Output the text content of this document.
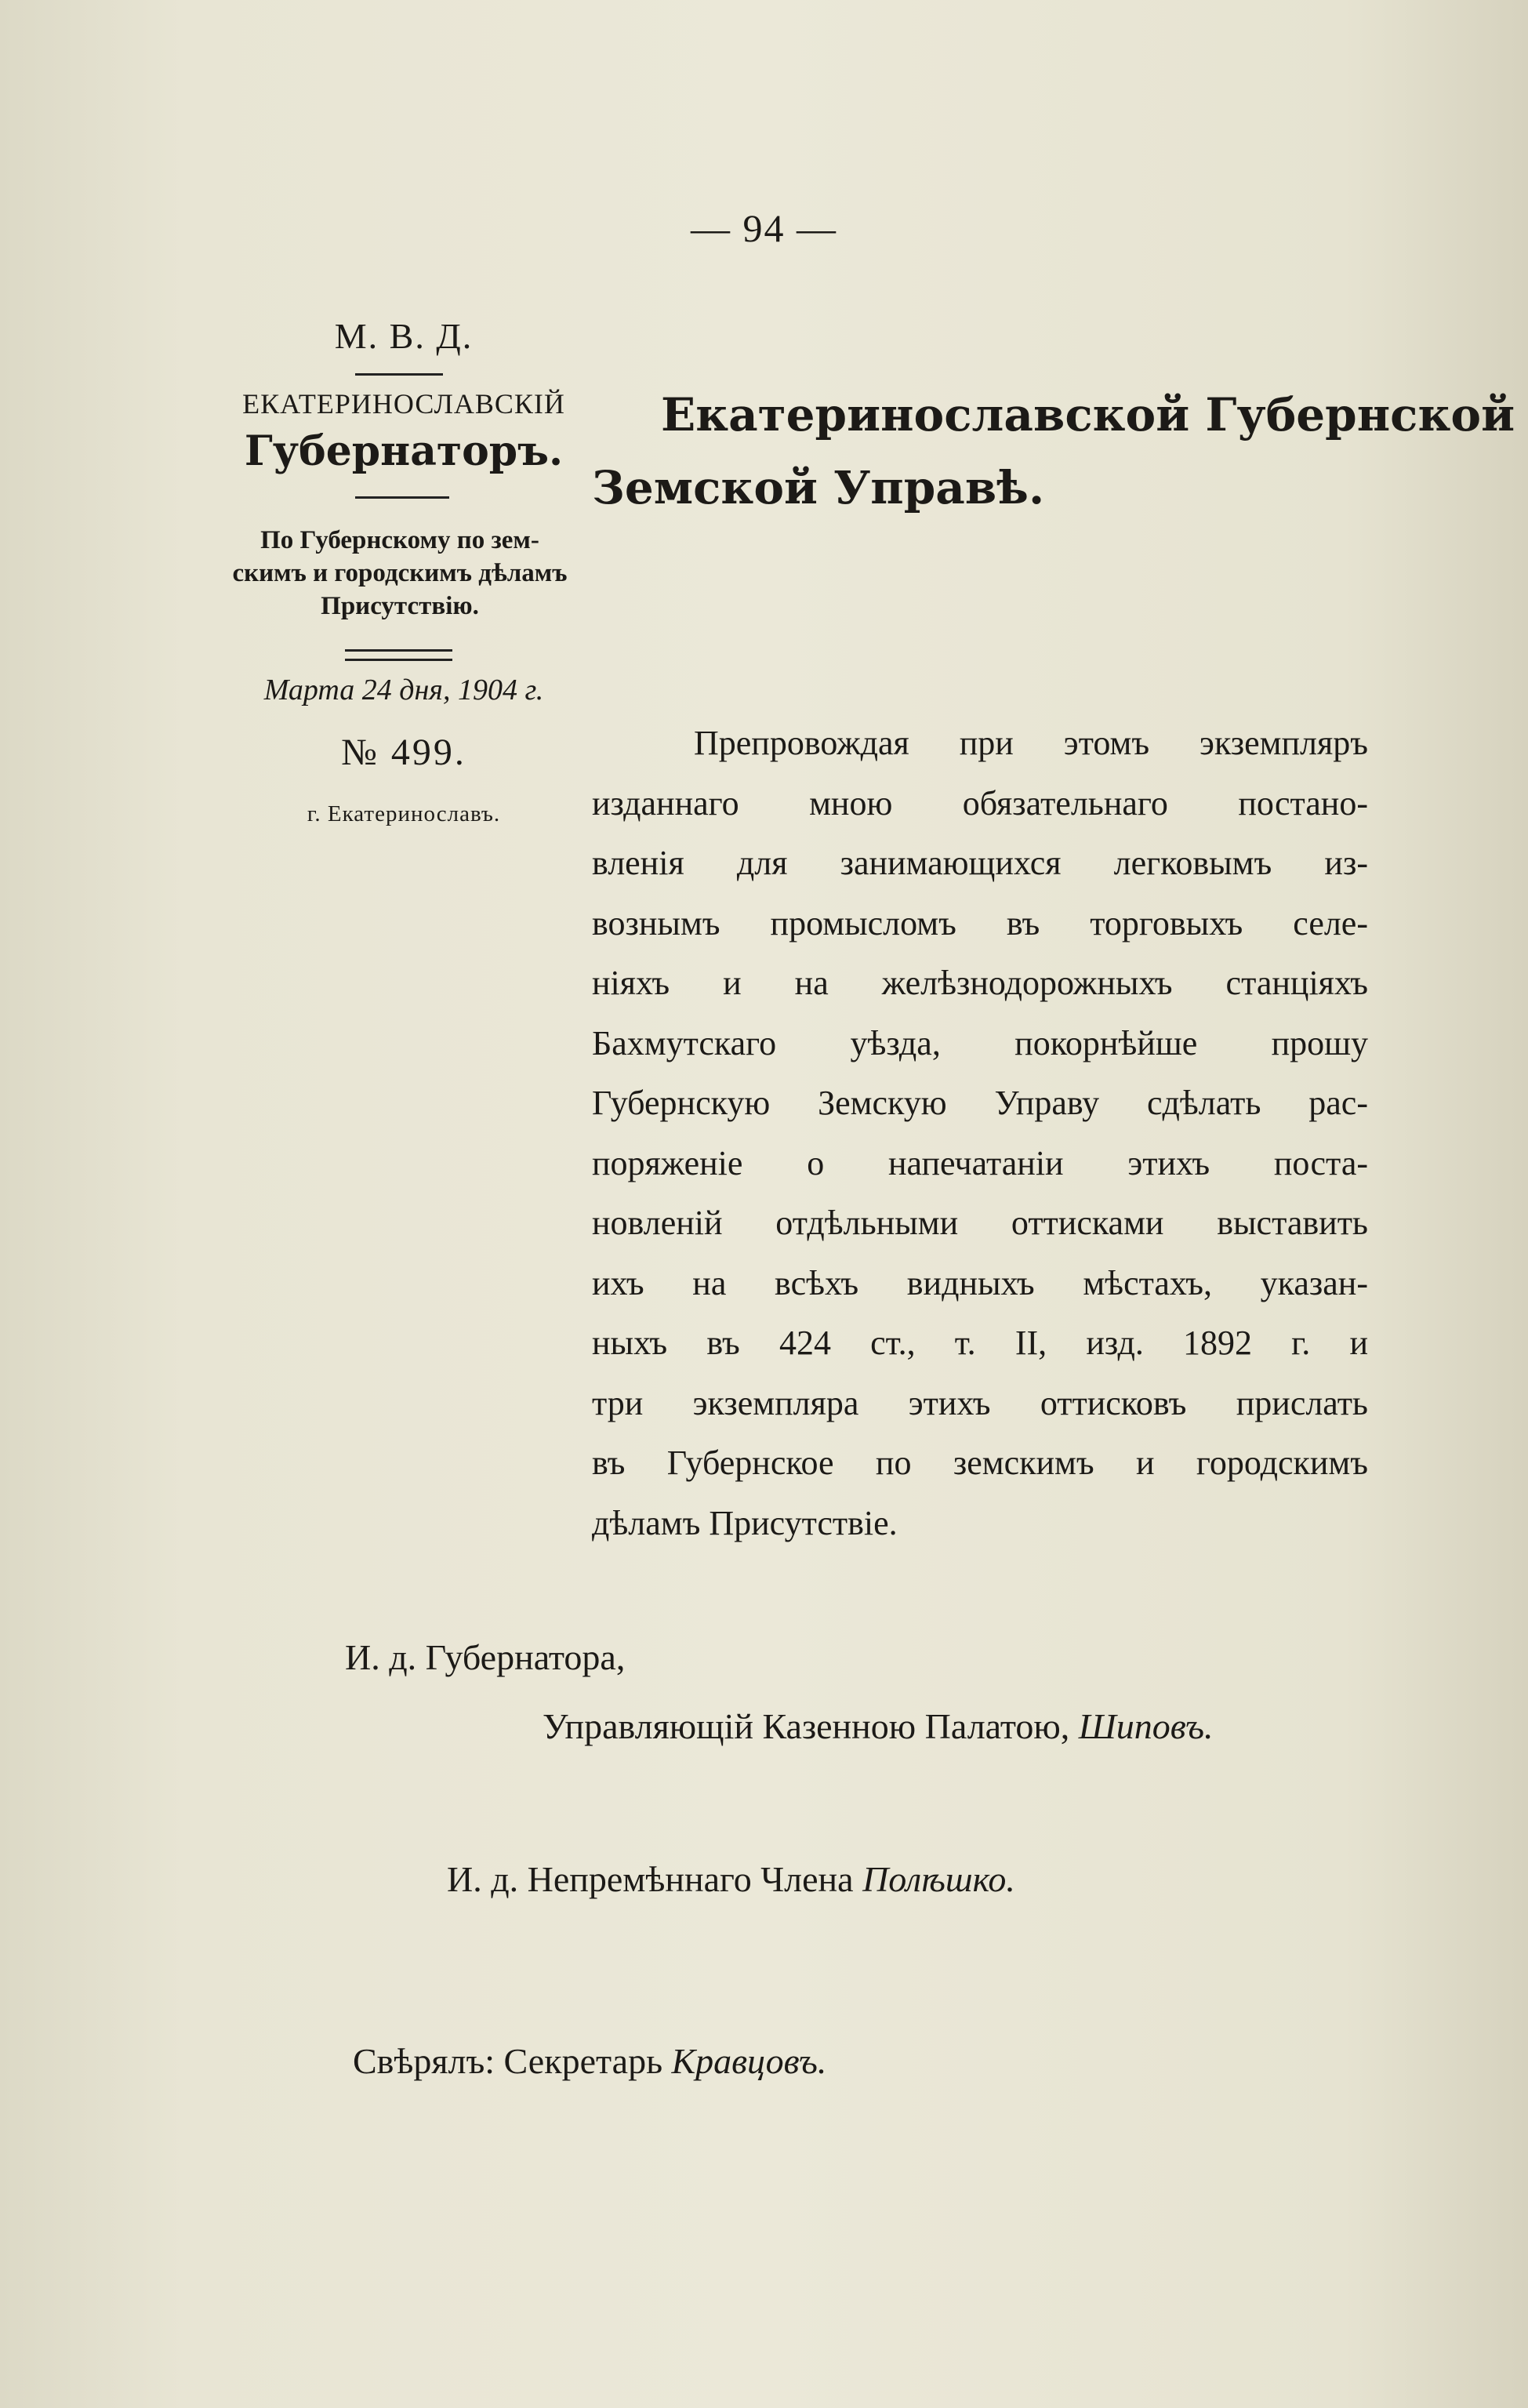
— 94 —
М. В. Д.
ЕКАТЕРИНОСЛАВСКІЙ
Губернаторъ.
По Губернскому по зем-
скимъ и городскимъ дѣламъ
Присутствію.
Марта 24 дня, 1904 г.
№ 499.
г. Екатеринославъ.
Екатеринославской Губернской
Земской Управѣ.
Препровождая при этомъ экземпляръ
изданнаго мною обязательнаго постано-
вленія для занимающихся легковымъ из-
вознымъ промысломъ въ торговыхъ селе-
ніяхъ и на желѣзнодорожныхъ станціяхъ
Бахмутскаго уѣзда, покорнѣйше прошу
Губернскую Земскую Управу сдѣлать рас-
поряженіе о напечатаніи этихъ поста-
новленій отдѣльными оттисками выставить
ихъ на всѣхъ видныхъ мѣстахъ, указан-
ныхъ въ 424 ст., т. II, изд. 1892 г. и
три экземпляра этихъ оттисковъ прислать
въ Губернское по земскимъ и городскимъ
дѣламъ Присутствіе.
И. д. Губернатора,
Управляющій Казенною Палатою, Шиповъ.
И. д. Непремѣннаго Члена Полѣшко.
Свѣрялъ: Секретарь Кравцовъ.
